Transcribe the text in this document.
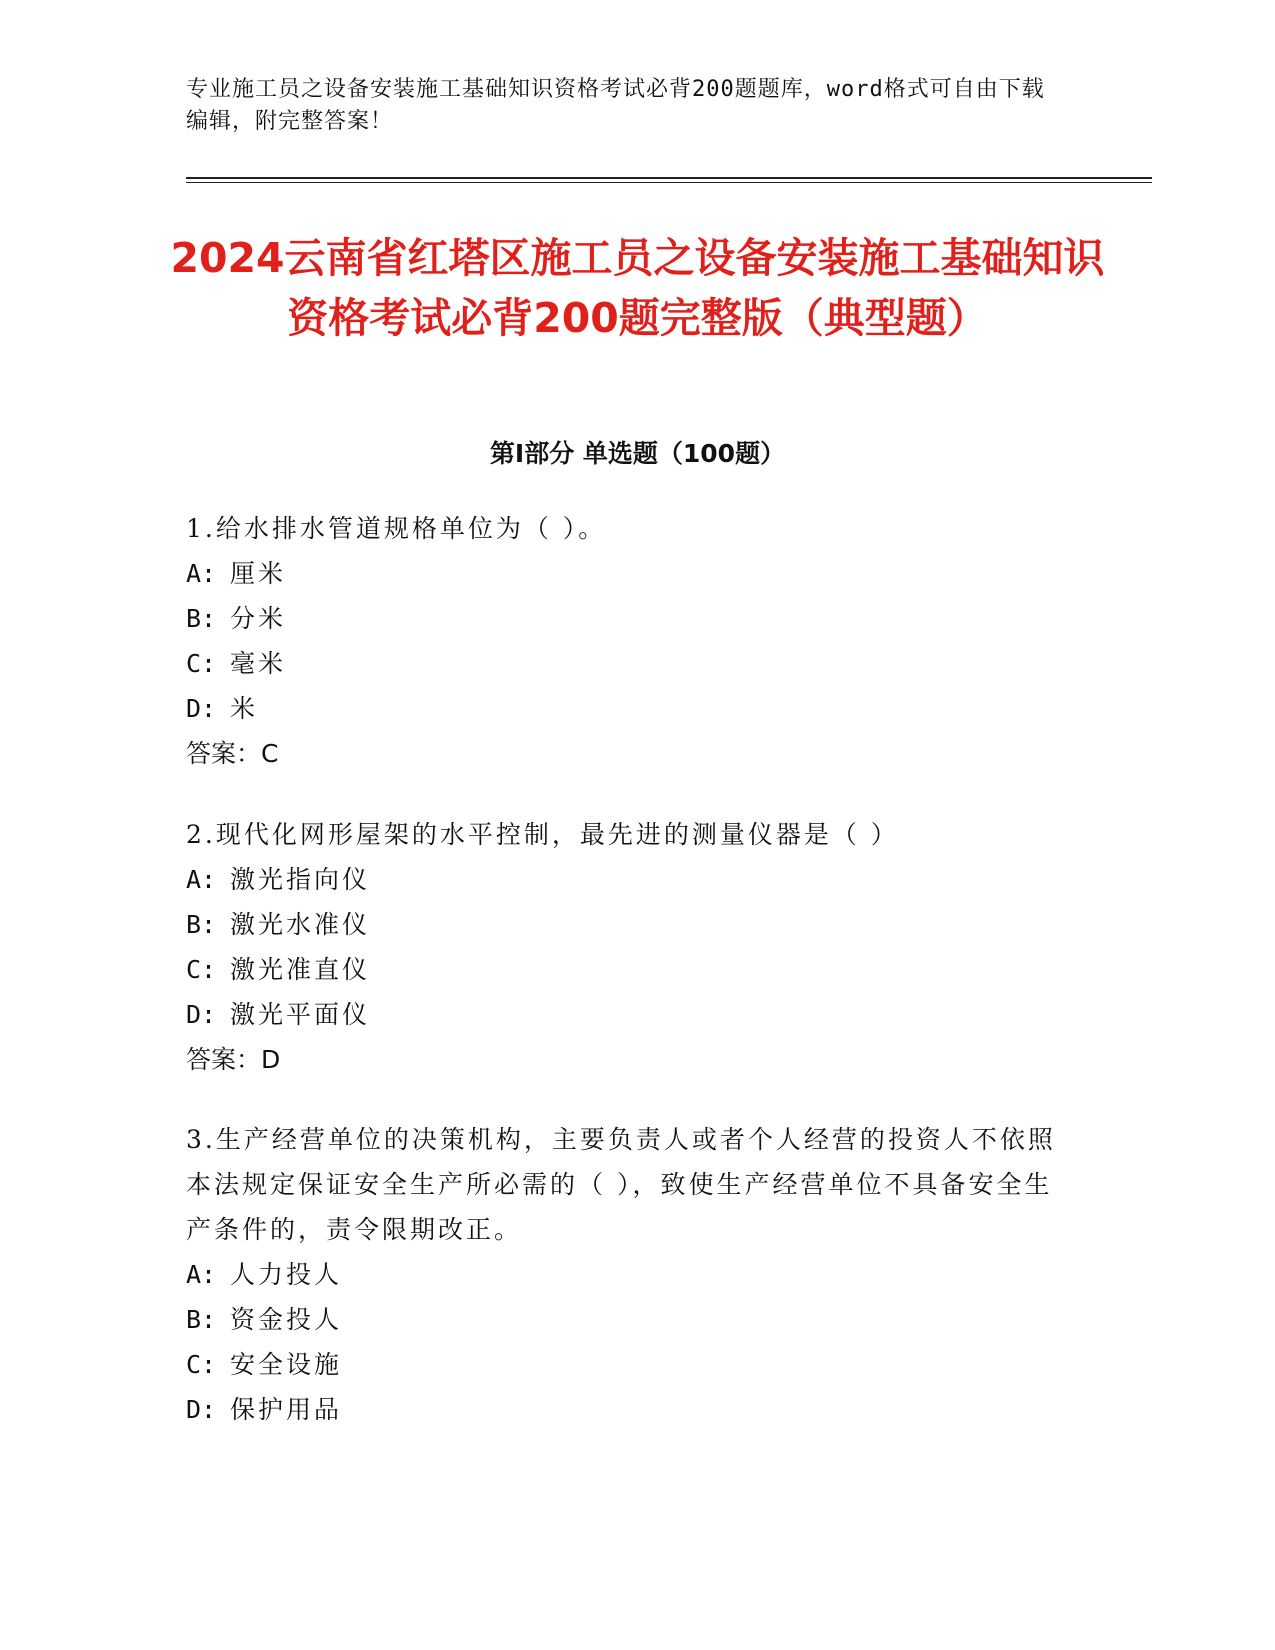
专业施工员之设备安装施工基础知识资格考试必背200题题库，word格式可自由下载编辑，附完整答案！
2024云南省红塔区施工员之设备安装施工基础知识资格考试必背200题完整版（典型题）
第I部分 单选题（100题）
1.给水排水管道规格单位为（ ）。
A: 厘米
B: 分米
C: 毫米
D: 米
答案：C
2.现代化网形屋架的水平控制，最先进的测量仪器是（ ）
A: 激光指向仪
B: 激光水准仪
C: 激光准直仪
D: 激光平面仪
答案：D
3.生产经营单位的决策机构，主要负责人或者个人经营的投资人不依照本法规定保证安全生产所必需的（ ），致使生产经营单位不具备安全生产条件的，责令限期改正。
A: 人力投人
B: 资金投人
C: 安全设施
D: 保护用品
